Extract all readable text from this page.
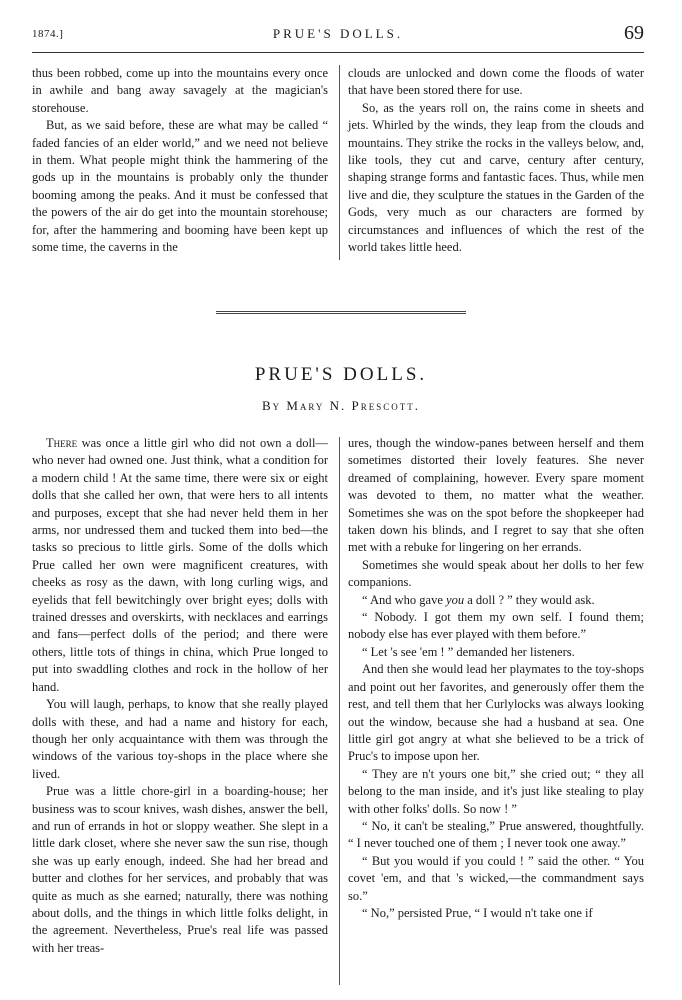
1874.]	PRUE'S DOLLS.	69

thus been robbed, come up into the mountains every once in awhile and bang away savagely at the magician's storehouse.

But, as we said before, these are what may be called “ faded fancies of an elder world,” and we need not believe in them. What people might think the hammering of the gods up in the mountains is probably only the thunder booming among the peaks. And it must be confessed that the powers of the air do get into the mountain storehouse; for, after the hammering and booming have been kept up some time, the caverns in the

clouds are unlocked and down come the floods of water that have been stored there for use.

So, as the years roll on, the rains come in sheets and jets. Whirled by the winds, they leap from the clouds and mountains. They strike the rocks in the valleys below, and, like tools, they cut and carve, century after century, shaping strange forms and fantastic faces. Thus, while men live and die, they sculpture the statues in the Garden of the Gods, very much as our characters are formed by circumstances and influences of which the rest of the world takes little heed.

PRUE'S DOLLS.
By Mary N. Prescott.

There was once a little girl who did not own a doll—who never had owned one. Just think, what a condition for a modern child ! At the same time, there were six or eight dolls that she called her own, that were hers to all intents and purposes, except that she had never held them in her arms, nor undressed them and tucked them into bed—the tasks so precious to little girls. Some of the dolls which Prue called her own were magnificent creatures, with cheeks as rosy as the dawn, with long curling wigs, and eyelids that fell bewitchingly over bright eyes; dolls with trained dresses and overskirts, with necklaces and earrings and fans—perfect dolls of the period; and there were others, little tots of things in china, which Prue longed to put into swaddling clothes and rock in the hollow of her hand.

You will laugh, perhaps, to know that she really played dolls with these, and had a name and history for each, though her only acquaintance with them was through the windows of the various toy-shops in the place where she lived.

Prue was a little chore-girl in a boarding-house; her business was to scour knives, wash dishes, answer the bell, and run of errands in hot or sloppy weather. She slept in a little dark closet, where she never saw the sun rise, though she was up early enough, indeed. She had her bread and butter and clothes for her services, and probably that was quite as much as she earned; naturally, there was nothing about dolls, and the things in which little folks delight, in the agreement. Nevertheless, Prue's real life was passed with her treas-

ures, though the window-panes between herself and them sometimes distorted their lovely features. She never dreamed of complaining, however. Every spare moment was devoted to them, no matter what the weather. Sometimes she was on the spot before the shopkeeper had taken down his blinds, and I regret to say that she often met with a rebuke for lingering on her errands.

Sometimes she would speak about her dolls to her few companions.

“ And who gave you a doll ? ” they would ask.

“ Nobody. I got them my own self. I found them; nobody else has ever played with them before.”

“ Let 's see 'em ! ” demanded her listeners.

And then she would lead her playmates to the toy-shops and point out her favorites, and generously offer them the rest, and tell them that her Curlylocks was always looking out the window, because she had a husband at sea. One little girl got angry at what she believed to be a trick of Pruc's to impose upon her.

“ They are n't yours one bit,” she cried out; “ they all belong to the man inside, and it's just like stealing to play with other folks' dolls. So now ! ”

“ No, it can't be stealing,” Prue answered, thoughtfully. “ I never touched one of them ; I never took one away.”

“ But you would if you could ! ” said the other. “ You covet 'em, and that 's wicked,—the commandment says so.”

“ No,” persisted Prue, “ I would n't take one if
